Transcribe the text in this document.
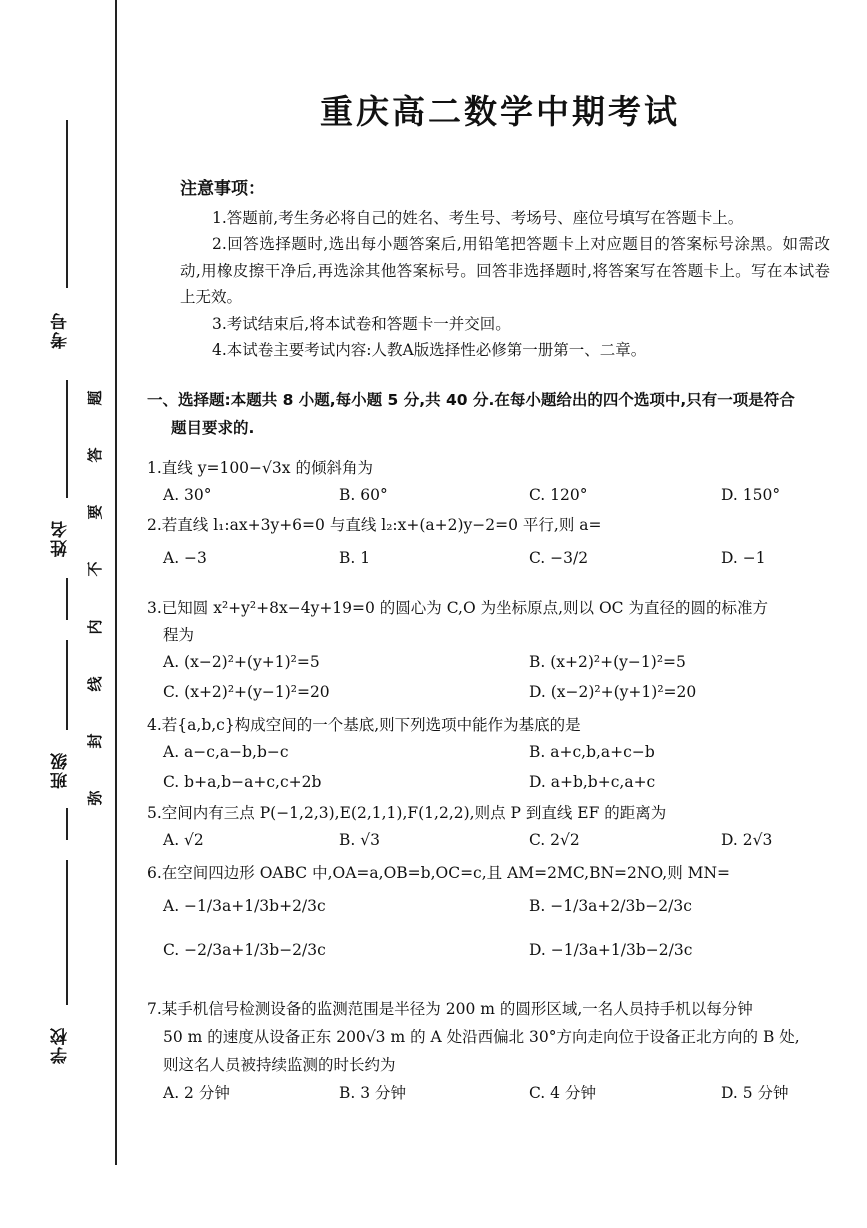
考号
姓名
班级
学校
题
答
要
不
内
线
封
弥
重庆高二数学中期考试
注意事项：

1.答题前,考生务必将自己的姓名、考生号、考场号、座位号填写在答题卡上。

2.回答选择题时,选出每小题答案后,用铅笔把答题卡上对应题目的答案标号涂黑。如需改动,用橡皮擦干净后,再选涂其他答案标号。回答非选择题时,将答案写在答题卡上。写在本试卷上无效。

3.考试结束后,将本试卷和答题卡一并交回。

4.本试卷主要考试内容:人教A版选择性必修第一册第一、二章。

一、选择题:本题共 8 小题,每小题 5 分,共 40 分.在每小题给出的四个选项中,只有一项是符合
题目要求的.
1.直线 y=100−√3x 的倾斜角为
A. 30°	B. 60°	C. 120°	D. 150°
2.若直线 l₁:ax+3y+6=0 与直线 l₂:x+(a+2)y−2=0 平行,则 a=
A. −3	B. 1	C. −3/2	D. −1
3.已知圆 x²+y²+8x−4y+19=0 的圆心为 C,O 为坐标原点,则以 OC 为直径的圆的标准方
程为
A. (x−2)²+(y+1)²=5	B. (x+2)²+(y−1)²=5
C. (x+2)²+(y−1)²=20	D. (x−2)²+(y+1)²=20
4.若{a,b,c}构成空间的一个基底,则下列选项中能作为基底的是
A. a−c,a−b,b−c	B. a+c,b,a+c−b
C. b+a,b−a+c,c+2b	D. a+b,b+c,a+c
5.空间内有三点 P(−1,2,3),E(2,1,1),F(1,2,2),则点 P 到直线 EF 的距离为
A. √2	B. √3	C. 2√2	D. 2√3
6.在空间四边形 OABC 中,OA=a,OB=b,OC=c,且 AM=2MC,BN=2NO,则 MN=
A. −1/3a+1/3b+2/3c	B. −1/3a+2/3b−2/3c
C. −2/3a+1/3b−2/3c	D. −1/3a+1/3b−2/3c
7.某手机信号检测设备的监测范围是半径为 200 m 的圆形区域,一名人员持手机以每分钟
50 m 的速度从设备正东 200√3 m 的 A 处沿西偏北 30°方向走向位于设备正北方向的 B 处,
则这名人员被持续监测的时长约为
A. 2 分钟	B. 3 分钟	C. 4 分钟	D. 5 分钟
